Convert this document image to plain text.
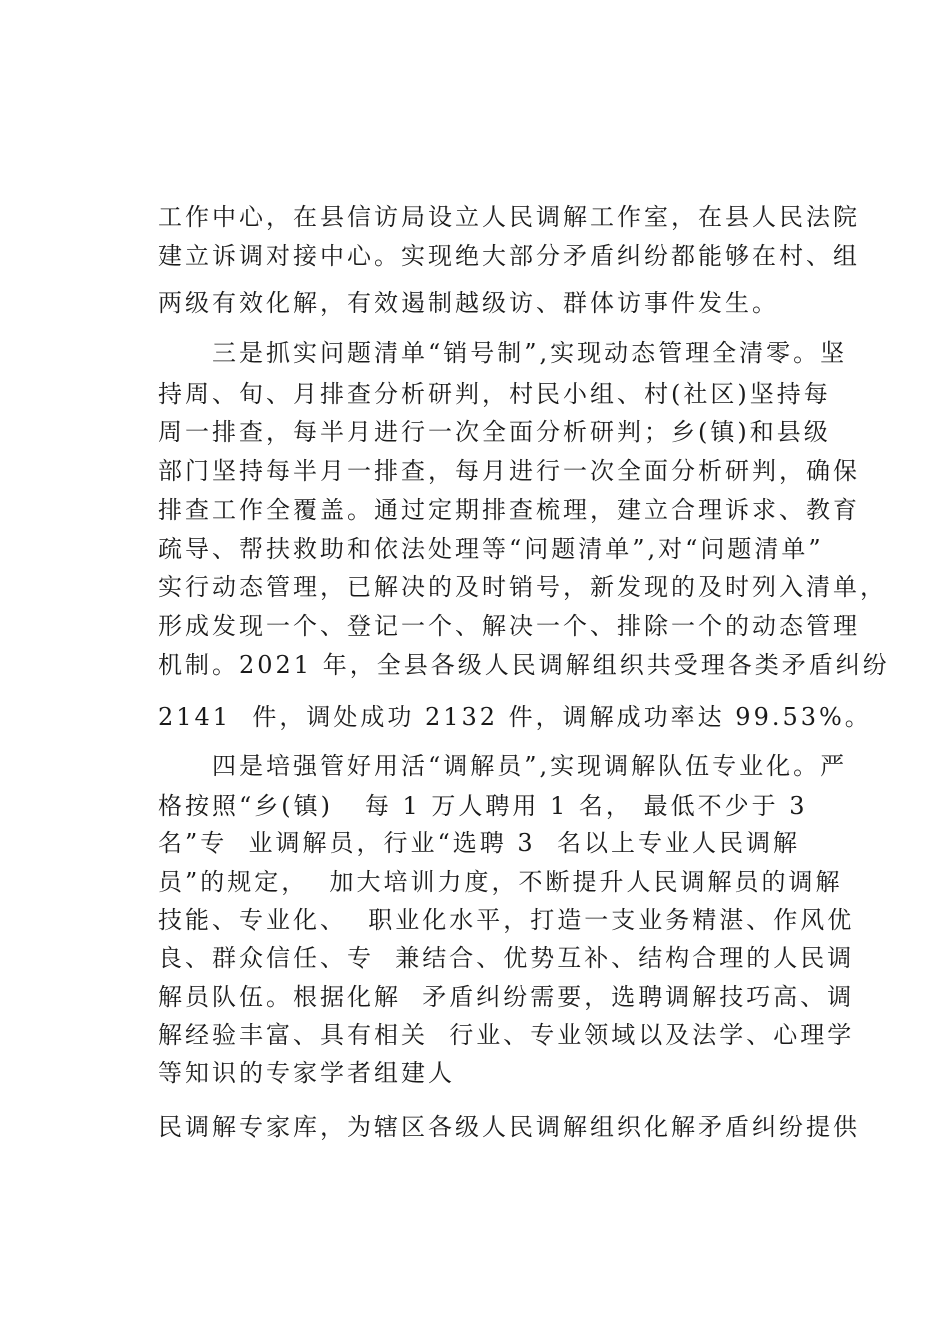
工作中心，在县信访局设立人民调解工作室，在县人民法院
建立诉调对接中心。实现绝大部分矛盾纠纷都能够在村、组
两级有效化解，有效遏制越级访、群体访事件发生。
三是抓实问题清单“销号制”,实现动态管理全清零。坚
持周、旬、月排查分析研判，村民小组、村(社区)坚持每
周一排查，每半月进行一次全面分析研判；乡(镇)和县级
部门坚持每半月一排查，每月进行一次全面分析研判，确保
排查工作全覆盖。通过定期排查梳理，建立合理诉求、教育
疏导、帮扶救助和依法处理等“问题清单”,对“问题清单”
实行动态管理，已解决的及时销号，新发现的及时列入清单，
形成发现一个、登记一个、解决一个、排除一个的动态管理
机制。2021 年，全县各级人民调解组织共受理各类矛盾纠纷
2141  件，调处成功 2132 件，调解成功率达 99.53%。
四是培强管好用活“调解员”,实现调解队伍专业化。严
格按照“乡(镇)   每 1 万人聘用 1 名， 最低不少于 3
名”专  业调解员，行业“选聘 3  名以上专业人民调解
员”的规定，  加大培训力度，不断提升人民调解员的调解
技能、专业化、  职业化水平，打造一支业务精湛、作风优
良、群众信任、专  兼结合、优势互补、结构合理的人民调
解员队伍。根据化解  矛盾纠纷需要，选聘调解技巧高、调
解经验丰富、具有相关  行业、专业领域以及法学、心理学
等知识的专家学者组建人
民调解专家库，为辖区各级人民调解组织化解矛盾纠纷提供
